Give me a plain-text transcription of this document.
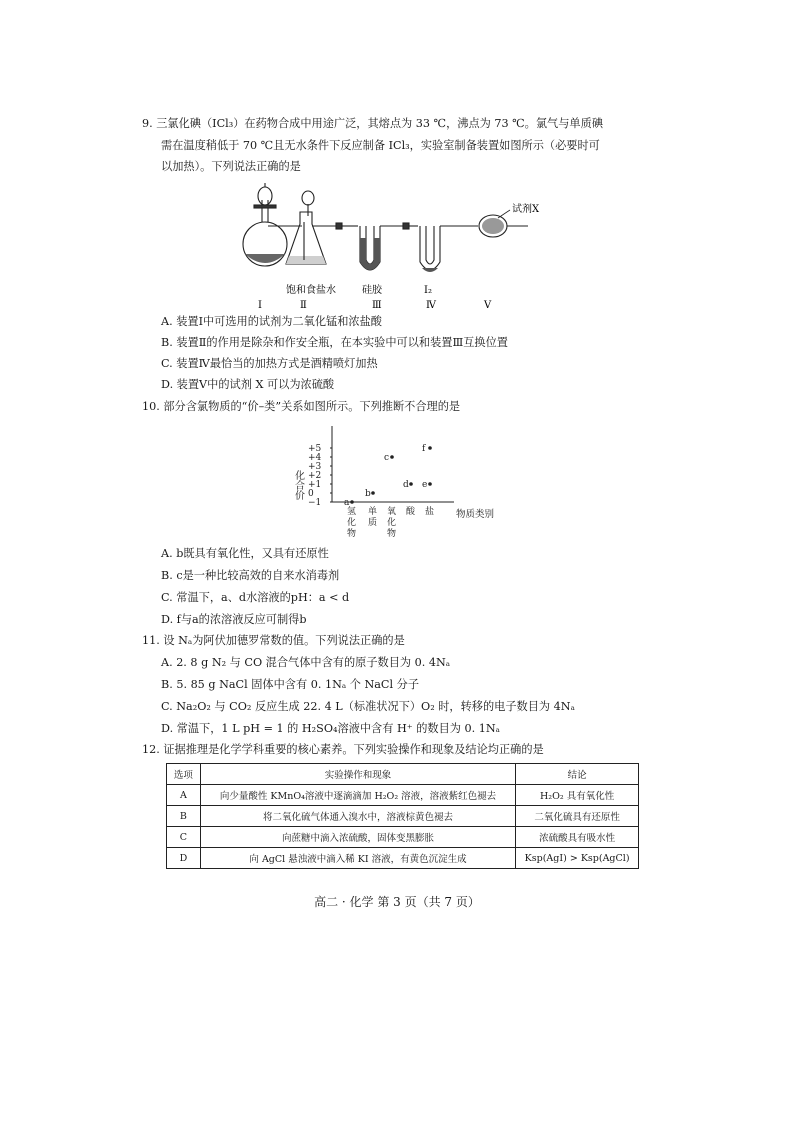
9. 三氯化碘（ICl₃）在药物合成中用途广泛，其熔点为 33 ℃，沸点为 73 ℃。氯气与单质碘
需在温度稍低于 70 ℃且无水条件下反应制备 ICl₃，实验室制备装置如图所示（必要时可
以加热）。下列说法正确的是
试剂X
饱和食盐水	硅胶	I₂
Ⅰ	Ⅱ	Ⅲ	Ⅳ	Ⅴ
A. 装置Ⅰ中可选用的试剂为二氧化锰和浓盐酸
B. 装置Ⅱ的作用是除杂和作安全瓶，在本实验中可以和装置Ⅲ互换位置
C. 装置Ⅳ最恰当的加热方式是酒精喷灯加热
D. 装置Ⅴ中的试剂 X 可以为浓硫酸
10. 部分含氯物质的“价–类”关系如图所示。下列推断不合理的是
化合价
+5
+4
+3
+2
+1
0
−1
氢
化
物
单
质
氧
化
物
酸 盐 物质类别
a
b
c
d e
f
A. b既具有氧化性，又具有还原性
B. c是一种比较高效的自来水消毒剂
C. 常温下，a、d水溶液的pH：a < d
D. f与a的浓溶液反应可制得b
11. 设 Nₐ为阿伏加德罗常数的值。下列说法正确的是
A. 2. 8 g N₂ 与 CO 混合气体中含有的原子数目为 0. 4Nₐ
B. 5. 85 g NaCl 固体中含有 0. 1Nₐ 个 NaCl 分子
C. Na₂O₂ 与 CO₂ 反应生成 22. 4 L（标准状况下）O₂ 时，转移的电子数目为 4Nₐ
D. 常温下，1 L pH = 1 的 H₂SO₄溶液中含有 H⁺ 的数目为 0. 1Nₐ
12. 证据推理是化学学科重要的核心素养。下列实验操作和现象及结论均正确的是
选项	实验操作和现象	结论
A	向少量酸性 KMnO₄溶液中逐滴滴加 H₂O₂ 溶液，溶液紫红色褪去	H₂O₂ 具有氧化性
B	将二氧化硫气体通入溴水中，溶液棕黄色褪去	二氧化硫具有还原性
C	向蔗糖中滴入浓硫酸，固体变黑膨胀	浓硫酸具有吸水性
D	向 AgCl 悬浊液中滴入稀 KI 溶液，有黄色沉淀生成	Ksp(AgI) > Ksp(AgCl)
高二 · 化学 第 3 页（共 7 页）
